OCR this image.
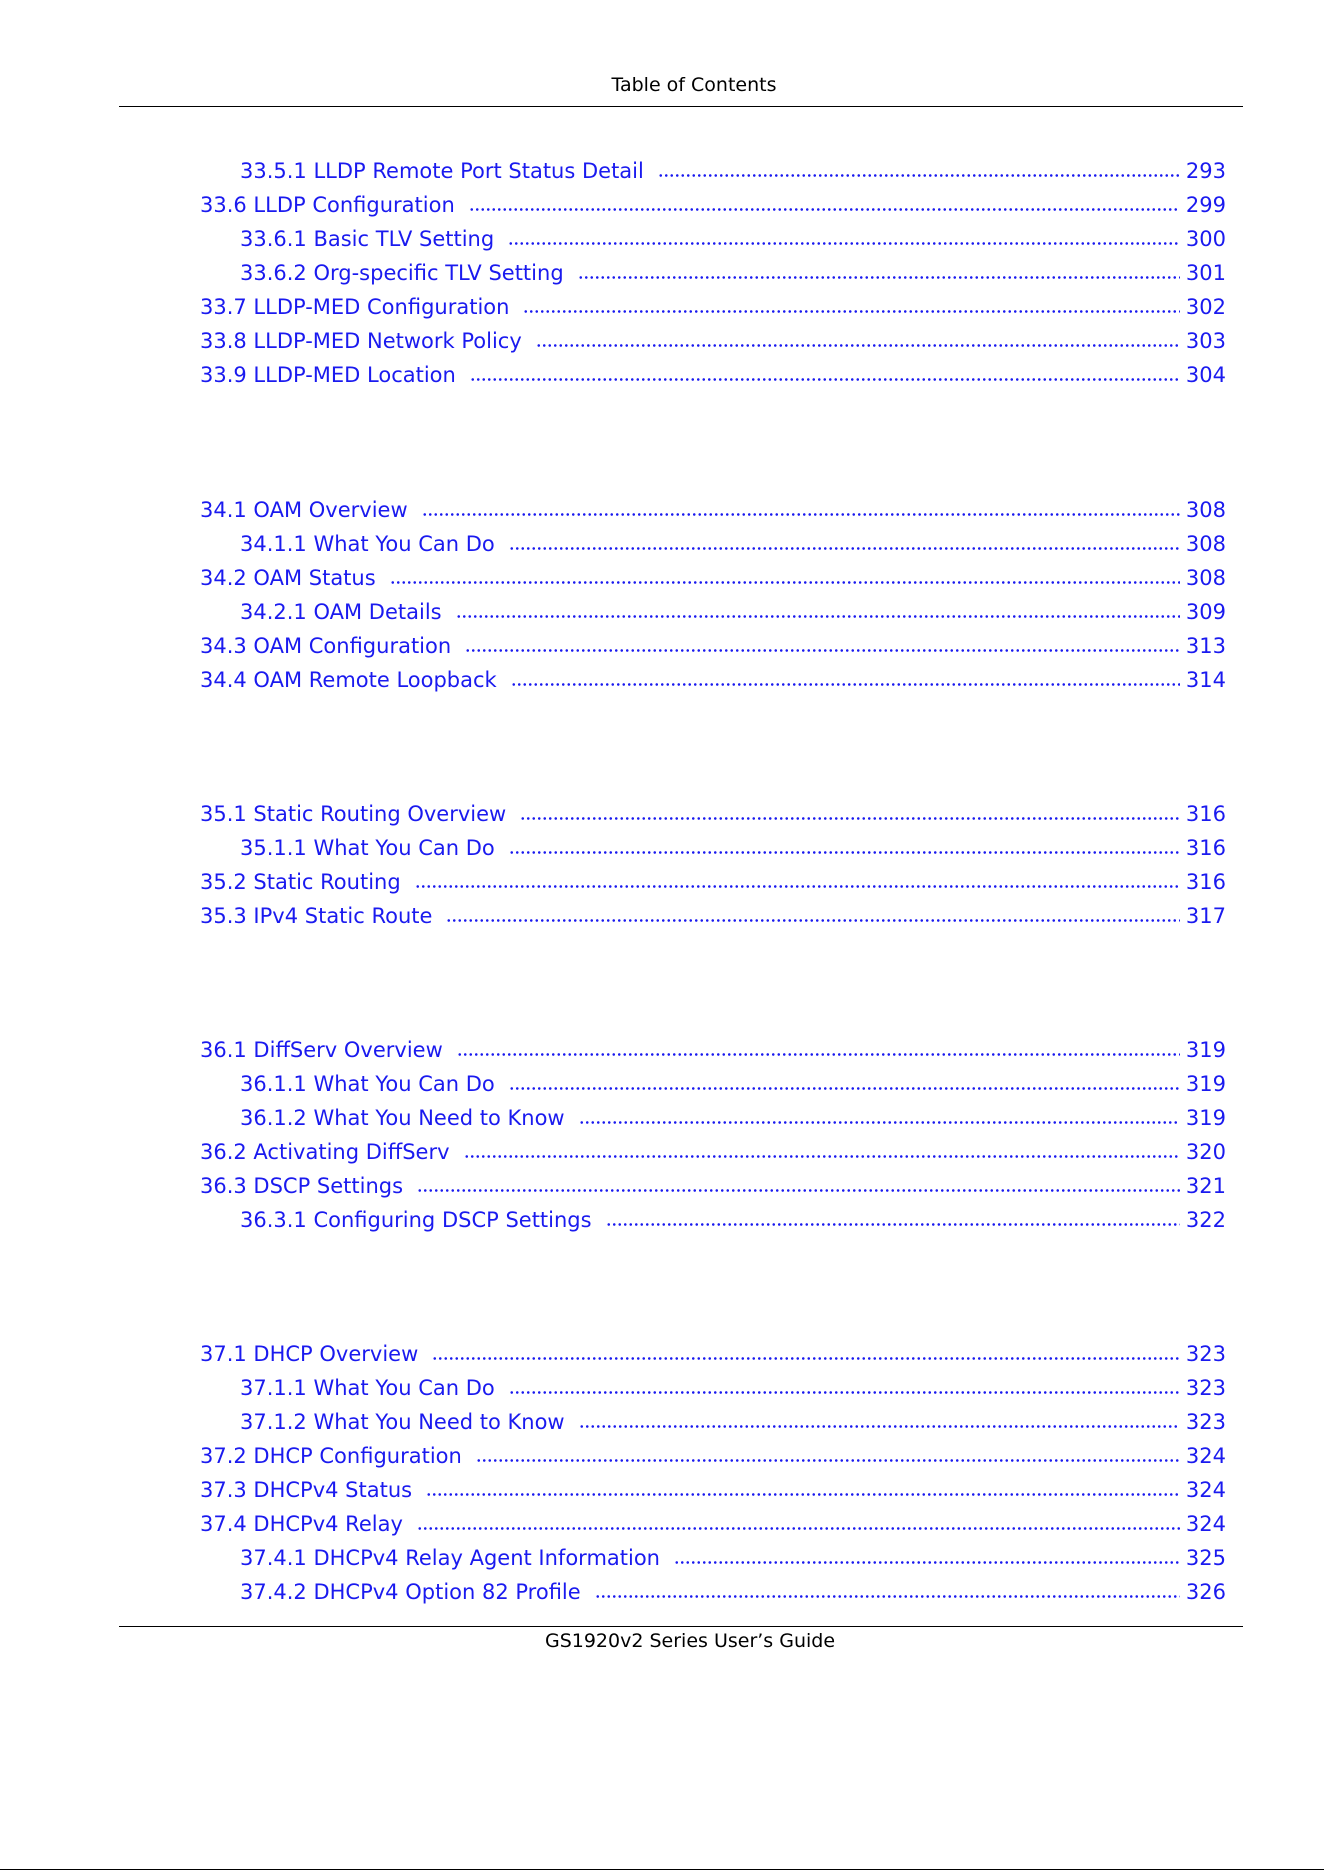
Table of Contents
33.5.1 LLDP Remote Port Status Detail	293
33.6 LLDP Configuration	299
33.6.1 Basic TLV Setting	300
33.6.2 Org-specific TLV Setting	301
33.7 LLDP-MED Configuration	302
33.8 LLDP-MED Network Policy	303
33.9 LLDP-MED Location	304
34.1 OAM Overview	308
34.1.1 What You Can Do	308
34.2 OAM Status	308
34.2.1 OAM Details	309
34.3 OAM Configuration	313
34.4 OAM Remote Loopback	314
35.1 Static Routing Overview	316
35.1.1 What You Can Do	316
35.2 Static Routing	316
35.3 IPv4 Static Route	317
36.1 DiffServ Overview	319
36.1.1 What You Can Do	319
36.1.2 What You Need to Know	319
36.2 Activating DiffServ	320
36.3 DSCP Settings	321
36.3.1 Configuring DSCP Settings	322
37.1 DHCP Overview	323
37.1.1 What You Can Do	323
37.1.2 What You Need to Know	323
37.2 DHCP Configuration	324
37.3 DHCPv4 Status	324
37.4 DHCPv4 Relay	324
37.4.1 DHCPv4 Relay Agent Information	325
37.4.2 DHCPv4 Option 82 Profile	326
GS1920v2 Series User’s Guide
